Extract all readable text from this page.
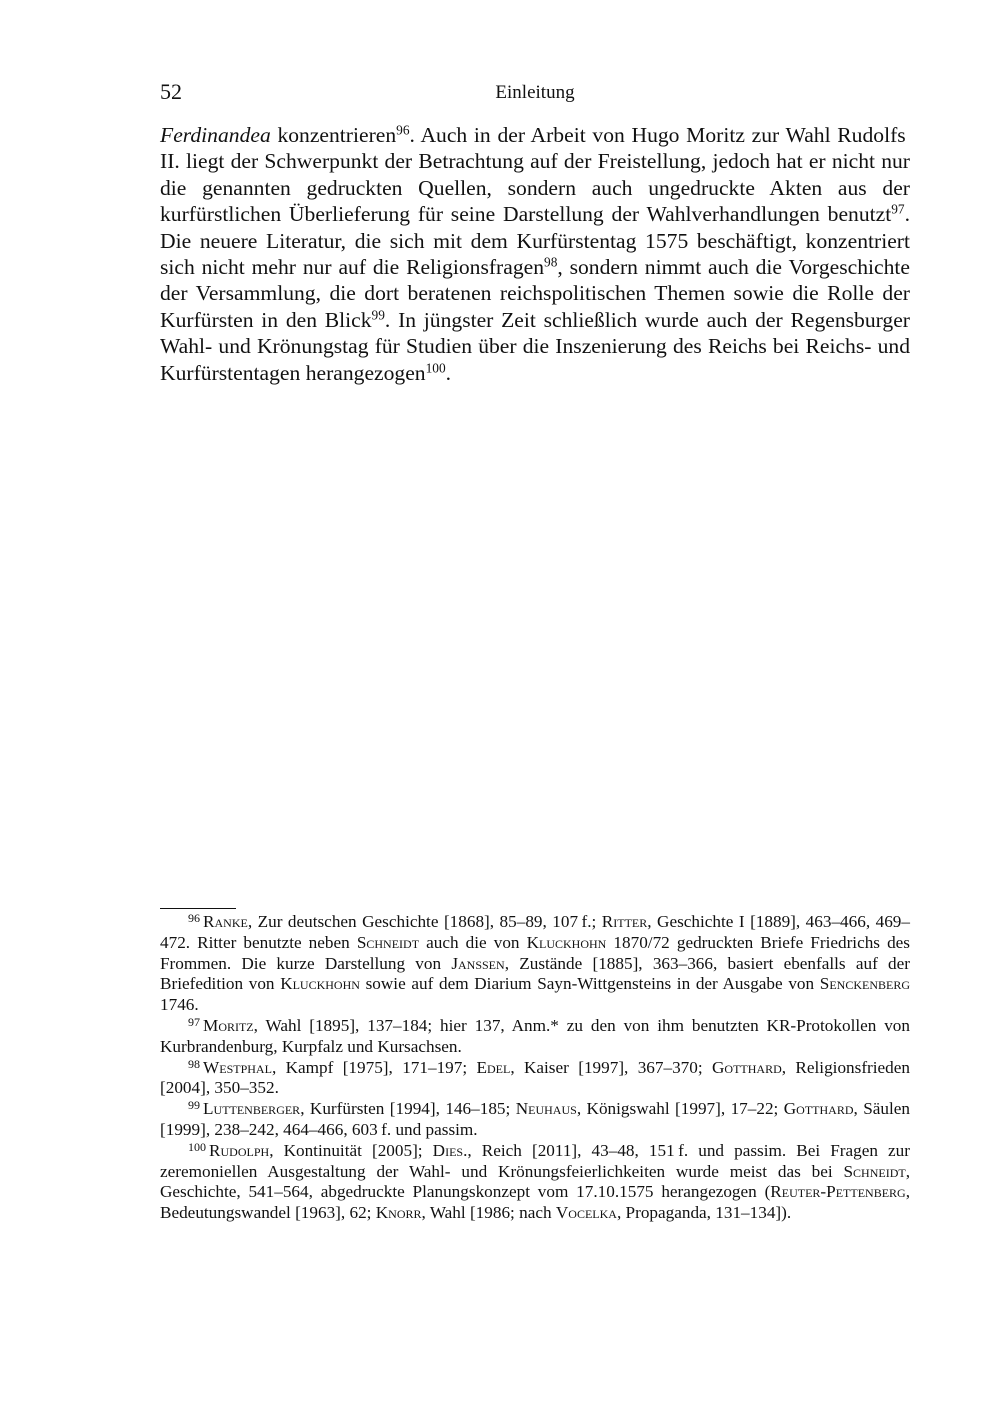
52	Einleitung

Ferdinandea konzentrieren$^{96}$. Auch in der Arbeit von Hugo Moritz zur Wahl Rudolfs II. liegt der Schwerpunkt der Betrachtung auf der Freistellung, jedoch hat er nicht nur die genannten gedruckten Quellen, sondern auch ungedruckte Akten aus der kurfürstlichen Überlieferung für seine Darstellung der Wahlverhandlungen benutzt$^{97}$. Die neuere Literatur, die sich mit dem Kurfürstentag 1575 beschäftigt, konzentriert sich nicht mehr nur auf die Religionsfragen$^{98}$, sondern nimmt auch die Vorgeschichte der Versammlung, die dort beratenen reichspolitischen Themen sowie die Rolle der Kurfürsten in den Blick$^{99}$. In jüngster Zeit schließlich wurde auch der Regensburger Wahl- und Krönungstag für Studien über die Inszenierung des Reichs bei Reichs- und Kurfürstentagen herangezogen$^{100}$.

$^{96}$ Ranke, Zur deutschen Geschichte [1868], 85–89, 107 f.; Ritter, Geschichte I [1889], 463–466, 469–472. Ritter benutzte neben Schneidt auch die von Kluckhohn 1870/72 gedruckten Briefe Friedrichs des Frommen. Die kurze Darstellung von Janssen, Zustände [1885], 363–366, basiert ebenfalls auf der Briefedition von Kluckhohn sowie auf dem Diarium Sayn-Wittgensteins in der Ausgabe von Senckenberg 1746.

$^{97}$ Moritz, Wahl [1895], 137–184; hier 137, Anm.* zu den von ihm benutzten KR-Protokollen von Kurbrandenburg, Kurpfalz und Kursachsen.

$^{98}$ Westphal, Kampf [1975], 171–197; Edel, Kaiser [1997], 367–370; Gotthard, Religionsfrieden [2004], 350–352.

$^{99}$ Luttenberger, Kurfürsten [1994], 146–185; Neuhaus, Königswahl [1997], 17–22; Gotthard, Säulen [1999], 238–242, 464–466, 603 f. und passim.

$^{100}$ Rudolph, Kontinuität [2005]; Dies., Reich [2011], 43–48, 151 f. und passim. Bei Fragen zur zeremoniellen Ausgestaltung der Wahl- und Krönungsfeierlichkeiten wurde meist das bei Schneidt, Geschichte, 541–564, abgedruckte Planungskonzept vom 17.10.1575 herangezogen (Reuter-Pettenberg, Bedeutungswandel [1963], 62; Knorr, Wahl [1986; nach Vocelka, Propaganda, 131–134]).
